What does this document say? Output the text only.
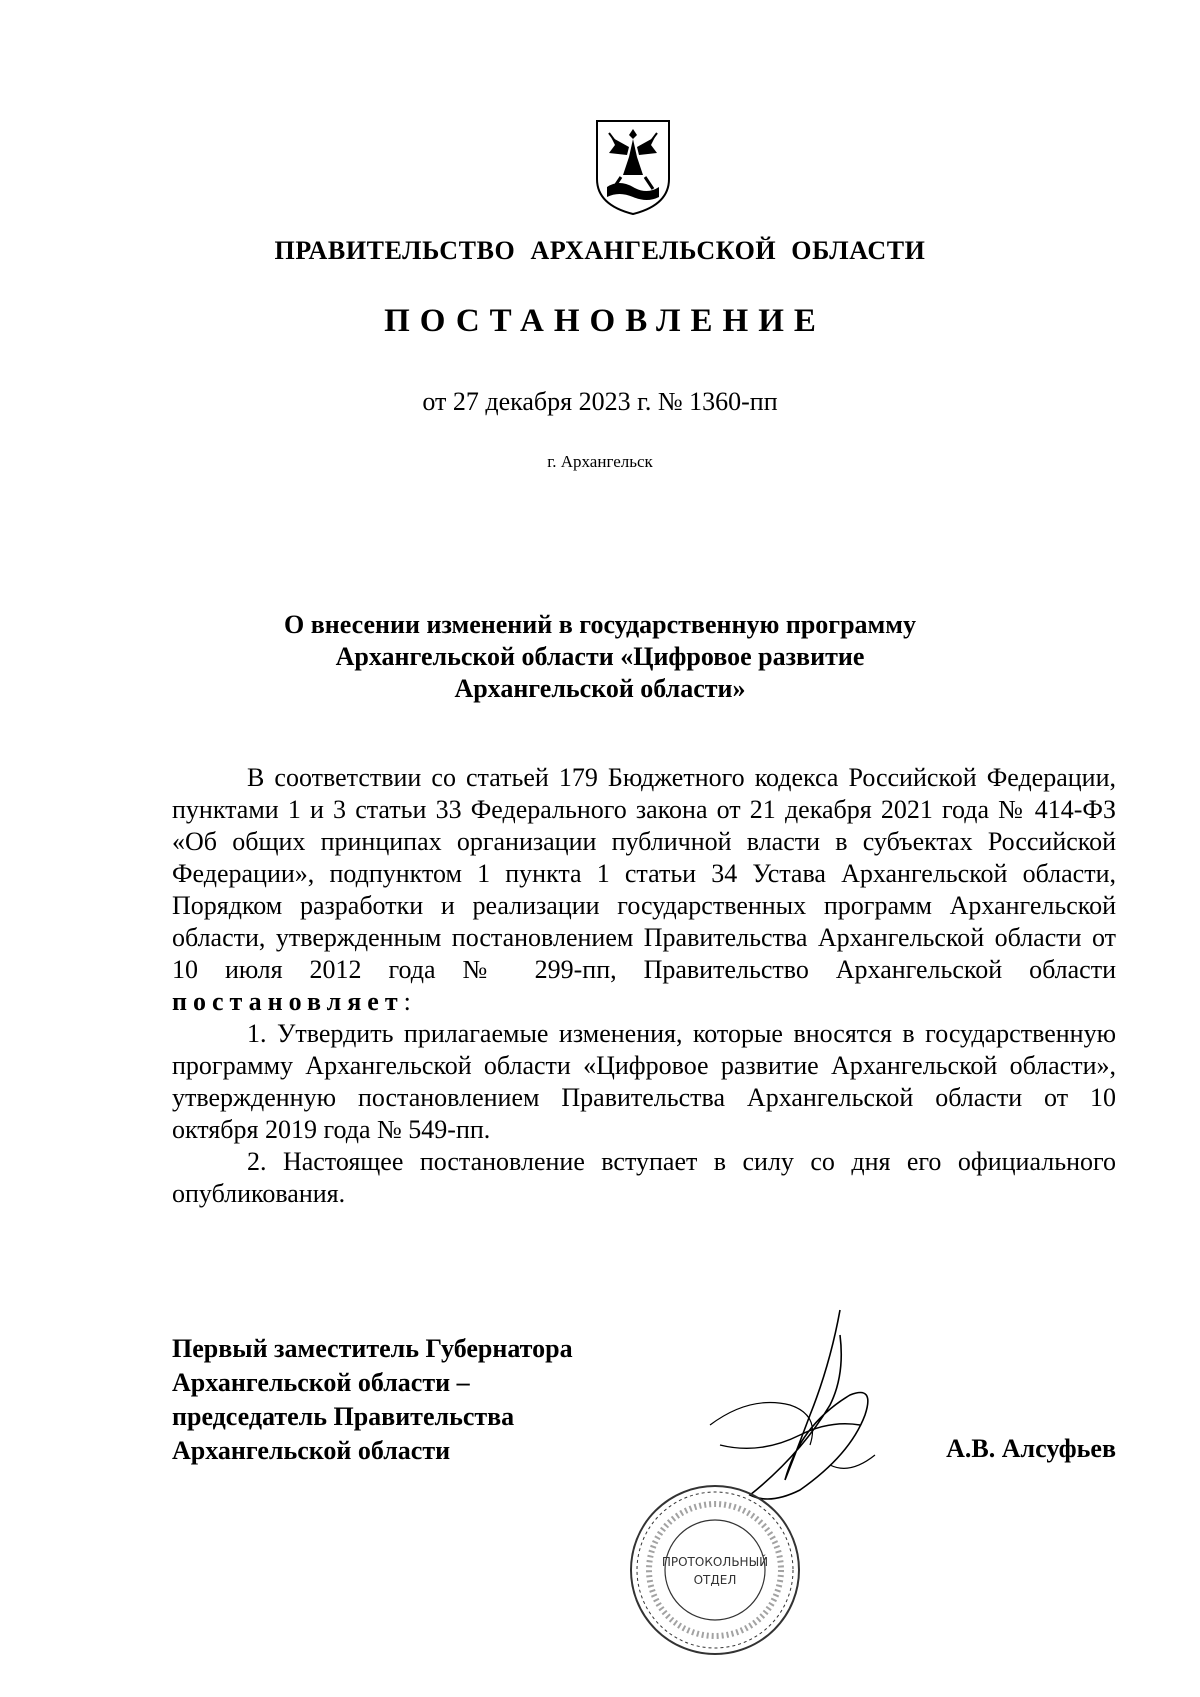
ПРАВИТЕЛЬСТВО АРХАНГЕЛЬСКОЙ ОБЛАСТИ
ПОСТАНОВЛЕНИЕ
от 27 декабря 2023 г. № 1360-пп
г. Архангельск
О внесении изменений в государственную программу
Архангельской области «Цифровое развитие
Архангельской области»

В соответствии со статьей 179 Бюджетного кодекса Российской Федерации, пунктами 1 и 3 статьи 33 Федерального закона от 21 декабря 2021 года № 414-ФЗ «Об общих принципах организации публичной власти в субъектах Российской Федерации», подпунктом 1 пункта 1 статьи 34 Устава Архангельской области, Порядком разработки и реализации государственных программ Архангельской области, утвержденным постановлением Правительства Архангельской области от 10 июля 2012 года № 299-пп, Правительство Архангельской области постановляет:

1. Утвердить прилагаемые изменения, которые вносятся в государственную программу Архангельской области «Цифровое развитие Архангельской области», утвержденную постановлением Правительства Архангельской области от 10 октября 2019 года № 549-пп.

2. Настоящее постановление вступает в силу со дня его официального опубликования.

Первый заместитель Губернатора
Архангельской области –
председатель Правительства
Архангельской области	А.В. Алсуфьев
ПРОТОКОЛЬНЫЙ
ОТДЕЛ
